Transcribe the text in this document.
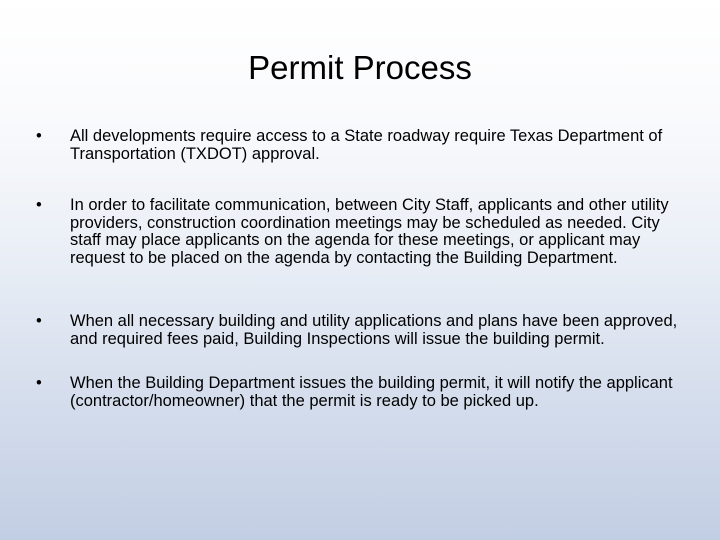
Permit Process
• All developments require access to a State roadway require Texas Department of Transportation (TXDOT) approval.
• In order to facilitate communication, between City Staff, applicants and other utility providers, construction coordination meetings may be scheduled as needed. City staff may place applicants on the agenda for these meetings, or applicant may request to be placed on the agenda by contacting the Building Department.
• When all necessary building and utility applications and plans have been approved, and required fees paid, Building Inspections will issue the building permit.
• When the Building Department issues the building permit, it will notify the applicant (contractor/homeowner) that the permit is ready to be picked up.
